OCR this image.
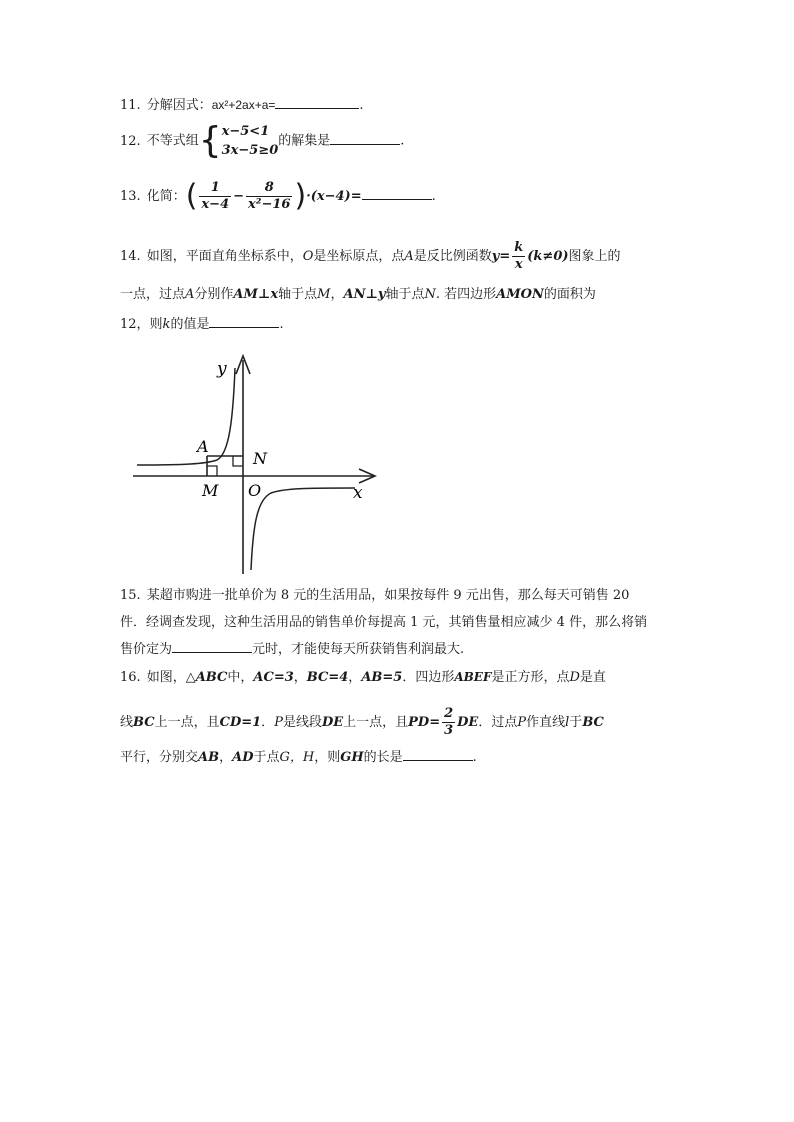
11. 分解因式：ax²+2ax+a=	.
12. 不等式组{ x−5<1
3x−5≥0
的解集是	.
13. 化简：( $\frac{1}{x-4} - \frac{8}{\text{x²−16}} )\cdot(x-4)=$	.
14. 如图，平面直角坐标系中，O是坐标原点，点A是反比例函数$y= \frac{k}{x} (k\ne 0)$图象上的
一点，过点A分别作AM⊥x轴于点M，AN⊥y轴于点N. 若四边形AMON的面积为
12，则k的值是	.
y
x
A
N
M O
15. 某超市购进一批单价为 8 元的生活用品，如果按每件 9 元出售，那么每天可销售 20
件．经调查发现，这种生活用品的销售单价每提高 1 元，其销售量相应减少 4 件，那么将销
售价定为	元时，才能使每天所获销售利润最大.
16. 如图，△ABC中，AC=3，BC=4，AB=5．四边形ABEF是正方形，点D是直
线BC上一点，且CD=1．P是线段DE上一点，且$PD= \frac{2}{3}$ DE．过点P作直线l于BC
平行，分别交AB，AD于点G，H，则GH的长是	.
